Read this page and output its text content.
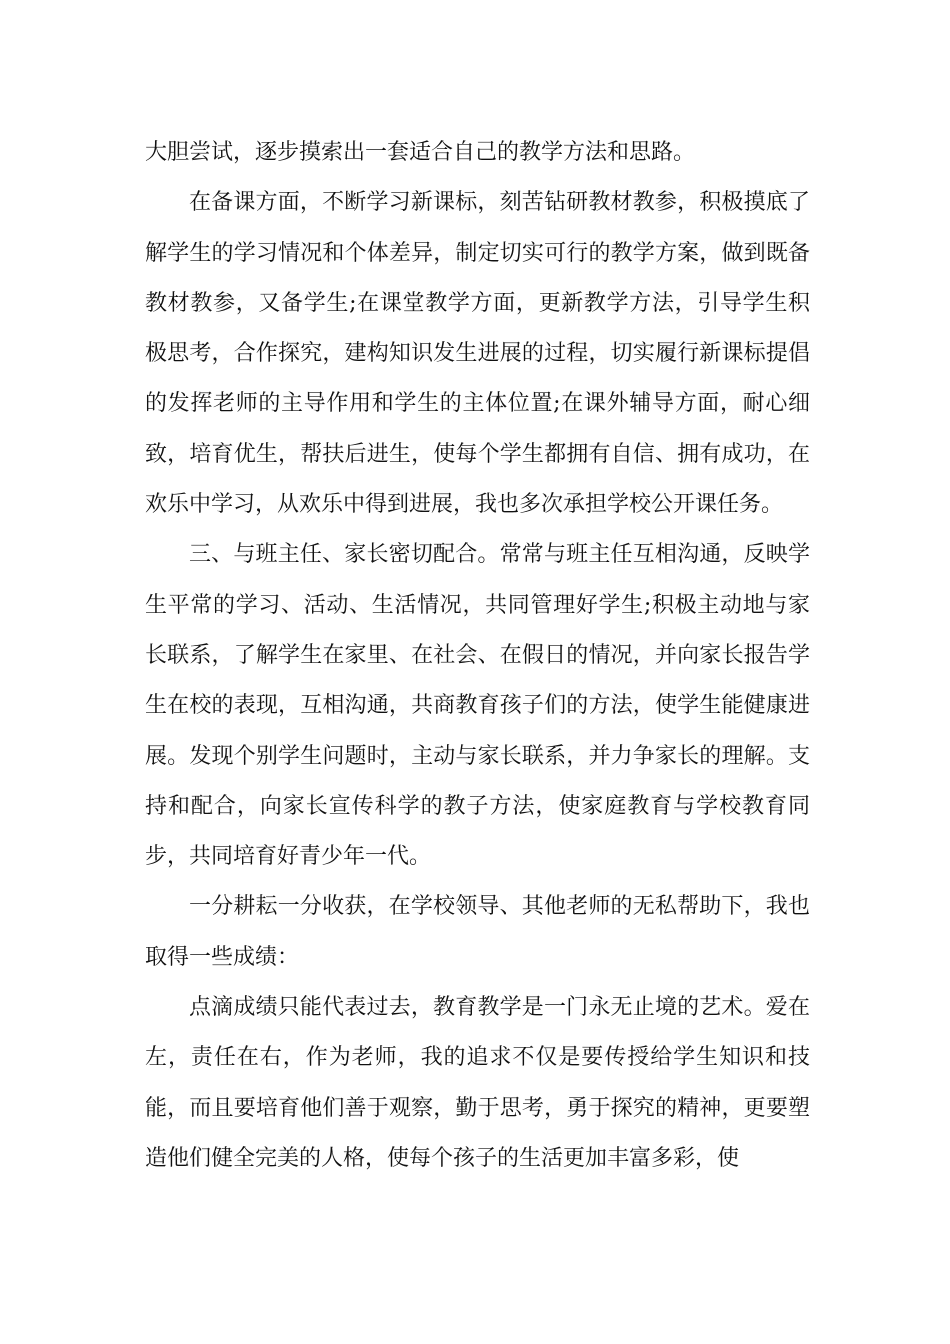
大胆尝试，逐步摸索出一套适合自己的教学方法和思路。

在备课方面，不断学习新课标，刻苦钻研教材教参，积极摸底了解学生的学习情况和个体差异，制定切实可行的教学方案，做到既备教材教参，又备学生;在课堂教学方面，更新教学方法，引导学生积极思考，合作探究，建构知识发生进展的过程，切实履行新课标提倡的发挥老师的主导作用和学生的主体位置;在课外辅导方面，耐心细致，培育优生，帮扶后进生，使每个学生都拥有自信、拥有成功，在欢乐中学习，从欢乐中得到进展，我也多次承担学校公开课任务。

三、与班主任、家长密切配合。常常与班主任互相沟通，反映学生平常的学习、活动、生活情况，共同管理好学生;积极主动地与家长联系，了解学生在家里、在社会、在假日的情况，并向家长报告学生在校的表现，互相沟通，共商教育孩子们的方法，使学生能健康进展。发现个别学生问题时，主动与家长联系，并力争家长的理解。支持和配合，向家长宣传科学的教子方法，使家庭教育与学校教育同步，共同培育好青少年一代。

一分耕耘一分收获，在学校领导、其他老师的无私帮助下，我也取得一些成绩：

点滴成绩只能代表过去，教育教学是一门永无止境的艺术。爱在左，责任在右，作为老师，我的追求不仅是要传授给学生知识和技能，而且要培育他们善于观察，勤于思考，勇于探究的精神，更要塑造他们健全完美的人格，使每个孩子的生活更加丰富多彩，使
